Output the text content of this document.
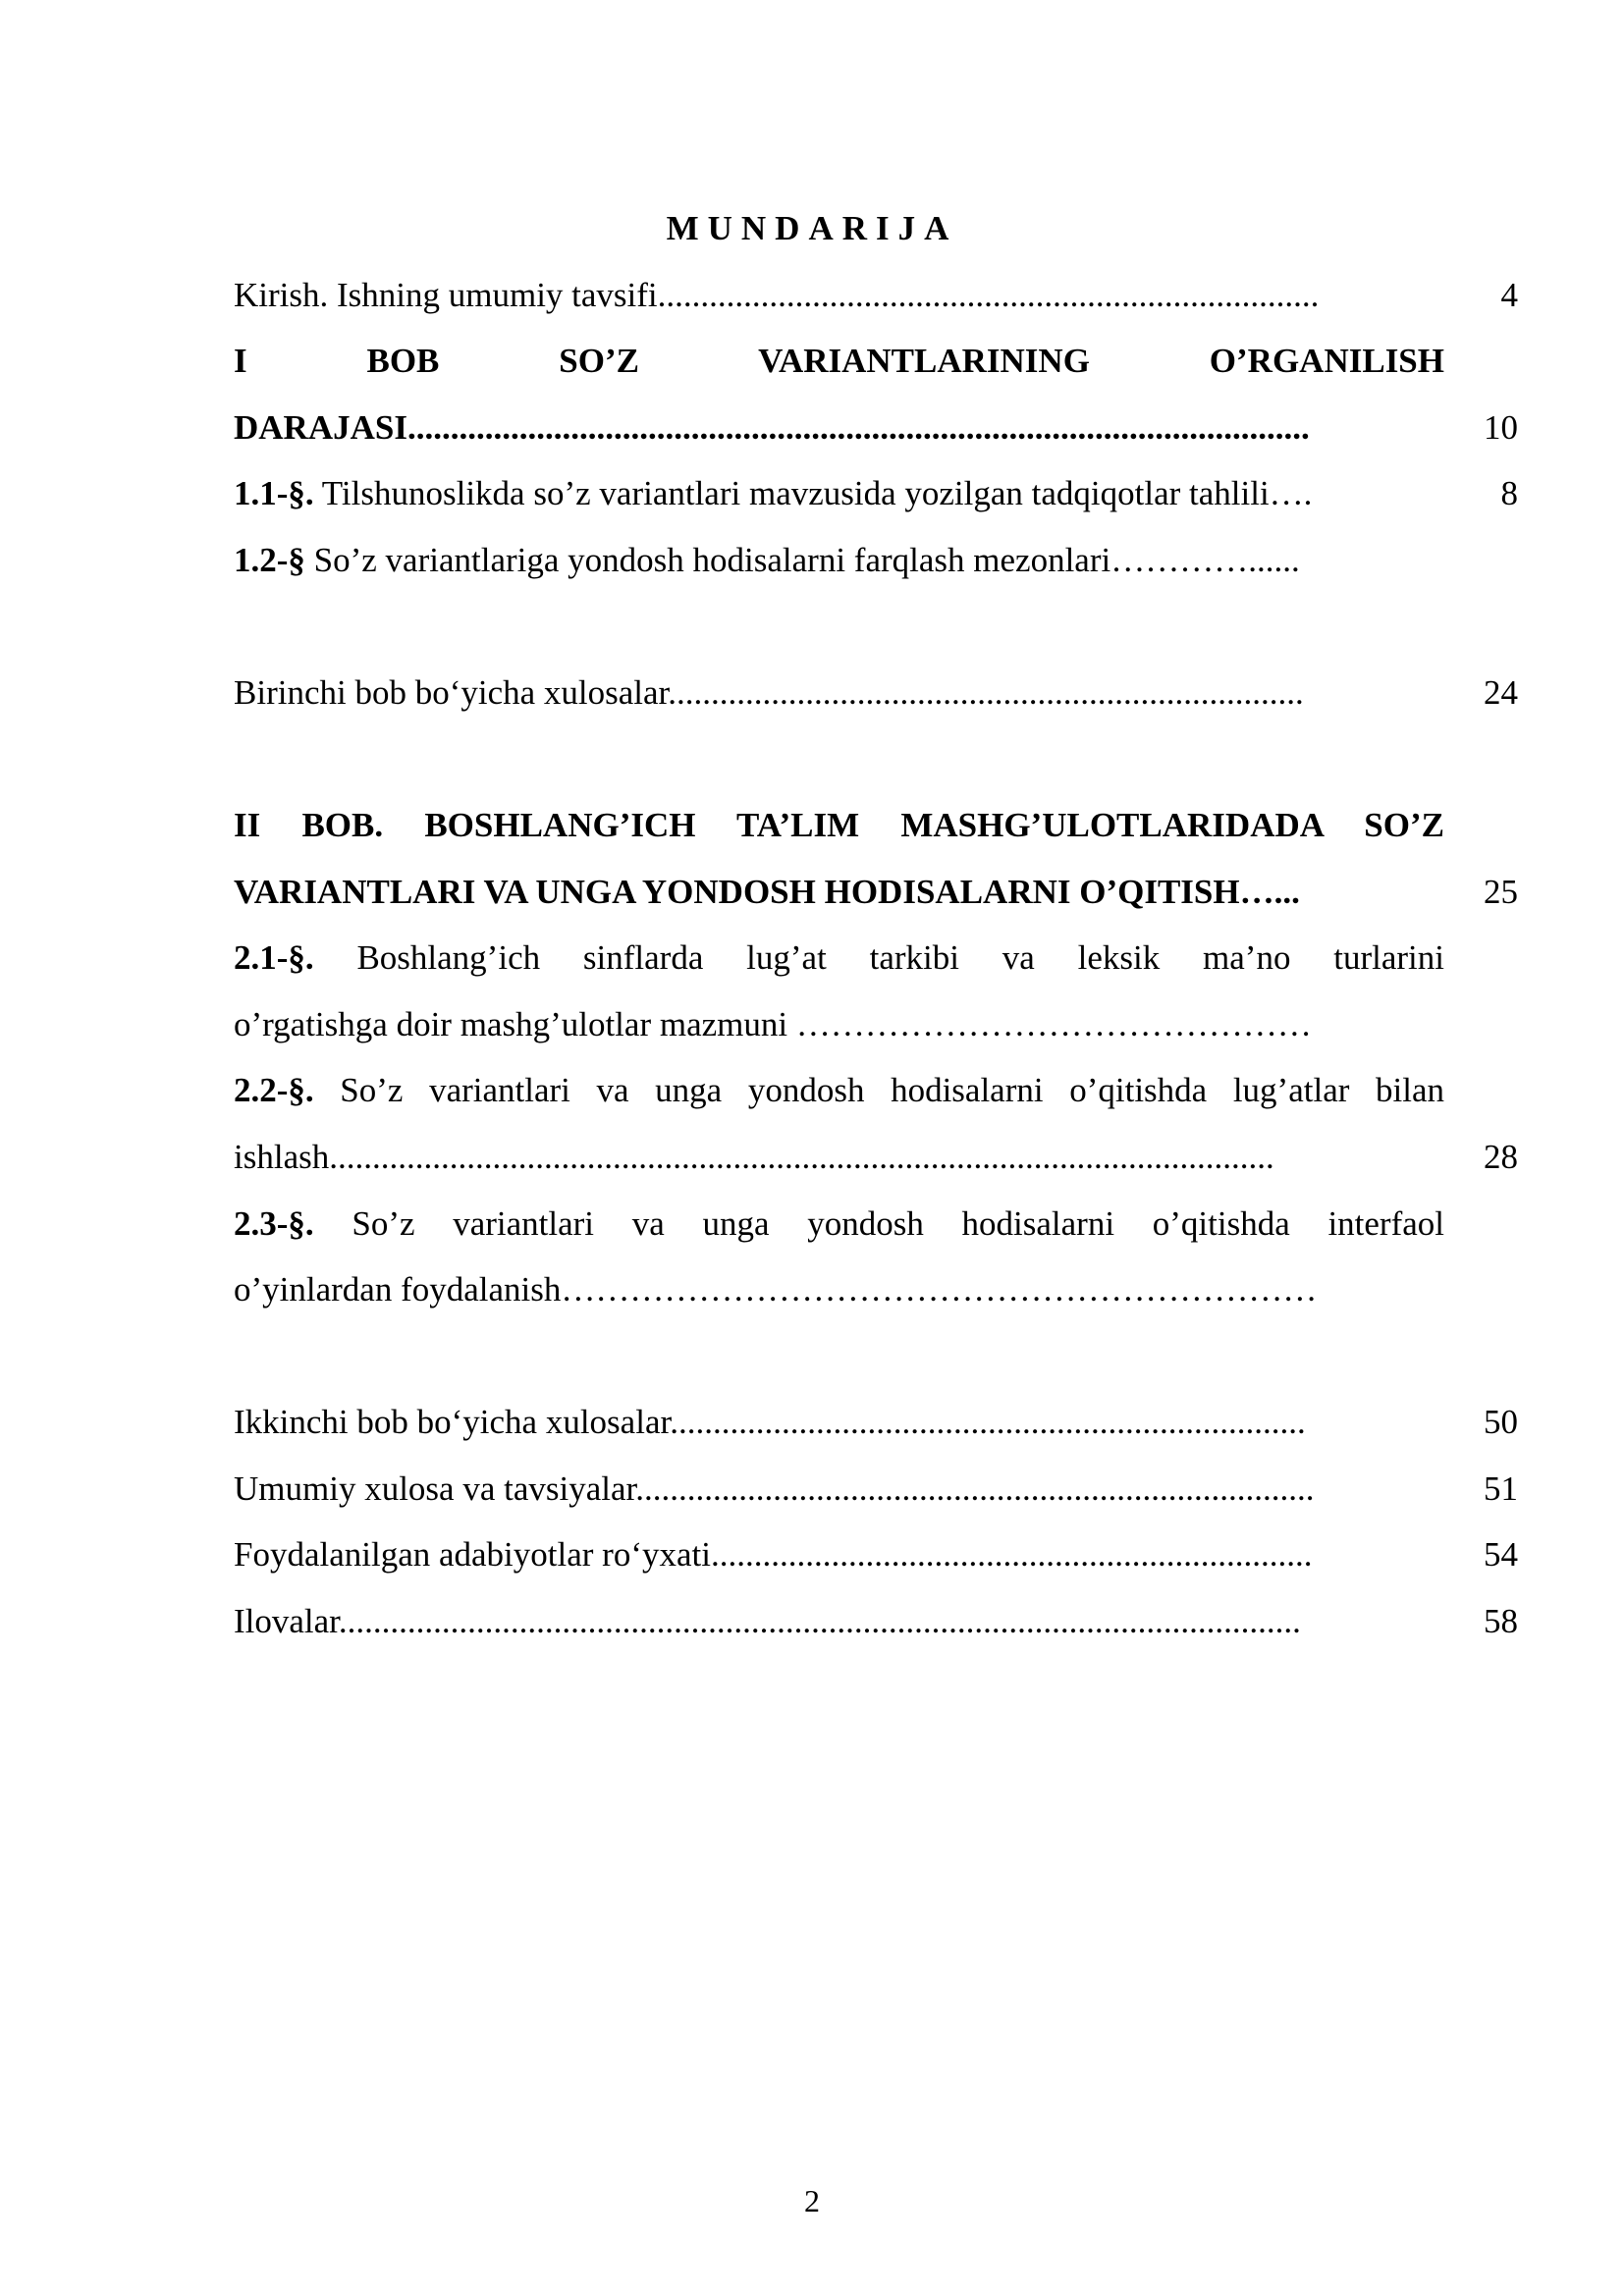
MUNDARIJA
Kirish. Ishning umumiy tavsifi.............................................................................	4
I BOB SO’Z VARIANTLARINING O’RGANILISH
DARAJASI.........................................................................................................	10
1.1-§. Tilshunoslikda so’z variantlari mavzusida yozilgan tadqiqotlar tahlili….	8
1.2-§ So’z variantlariga yondosh hodisalarni farqlash mezonlari…………......
Birinchi bob bo‘yicha xulosalar..........................................................................	24
II BOB. BOSHLANG’ICH TA’LIM MASHG’ULOTLARIDADA SO’Z
VARIANTLARI VA UNGA YONDOSH HODISALARNI O’QITISH…...	25
2.1-§. Boshlang’ich sinflarda lug’at tarkibi va leksik ma’no turlarini
o’rgatishga doir mashg’ulotlar mazmuni ………………………………………
2.2-§. So’z variantlari va unga yondosh hodisalarni o’qitishda lug’atlar bilan
ishlash..............................................................................................................	28
2.3-§. So’z variantlari va unga yondosh hodisalarni o’qitishda interfaol
o’yinlardan foydalanish…………………………………………………………
Ikkinchi bob bo‘yicha xulosalar..........................................................................	50
Umumiy xulosa va tavsiyalar...............................................................................	51
Foydalanilgan adabiyotlar ro‘yxati......................................................................	54
Ilovalar................................................................................................................	58
2
